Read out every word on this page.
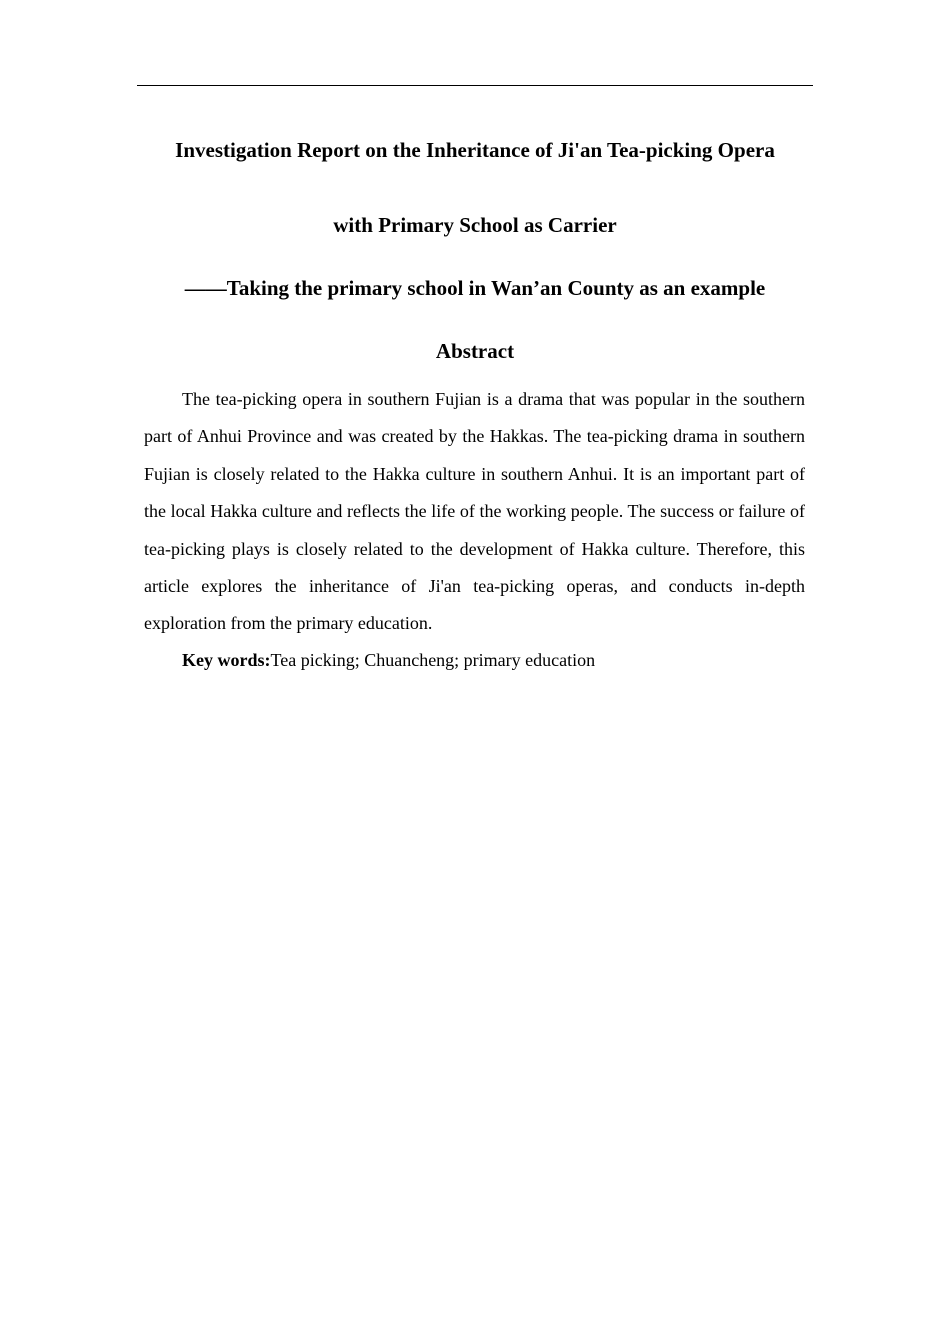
Investigation Report on the Inheritance of Ji'an Tea-picking Opera
with Primary School as Carrier
——Taking the primary school in Wan’an County as an example
Abstract

The tea-picking opera in southern Fujian is a drama that was popular in the southern part of Anhui Province and was created by the Hakkas. The tea-picking drama in southern Fujian is closely related to the Hakka culture in southern Anhui. It is an important part of the local Hakka culture and reflects the life of the working people. The success or failure of tea-picking plays is closely related to the development of Hakka culture. Therefore, this article explores the inheritance of Ji'an tea-picking operas, and conducts in-depth exploration from the primary education.

Key words:Tea picking; Chuancheng; primary education
